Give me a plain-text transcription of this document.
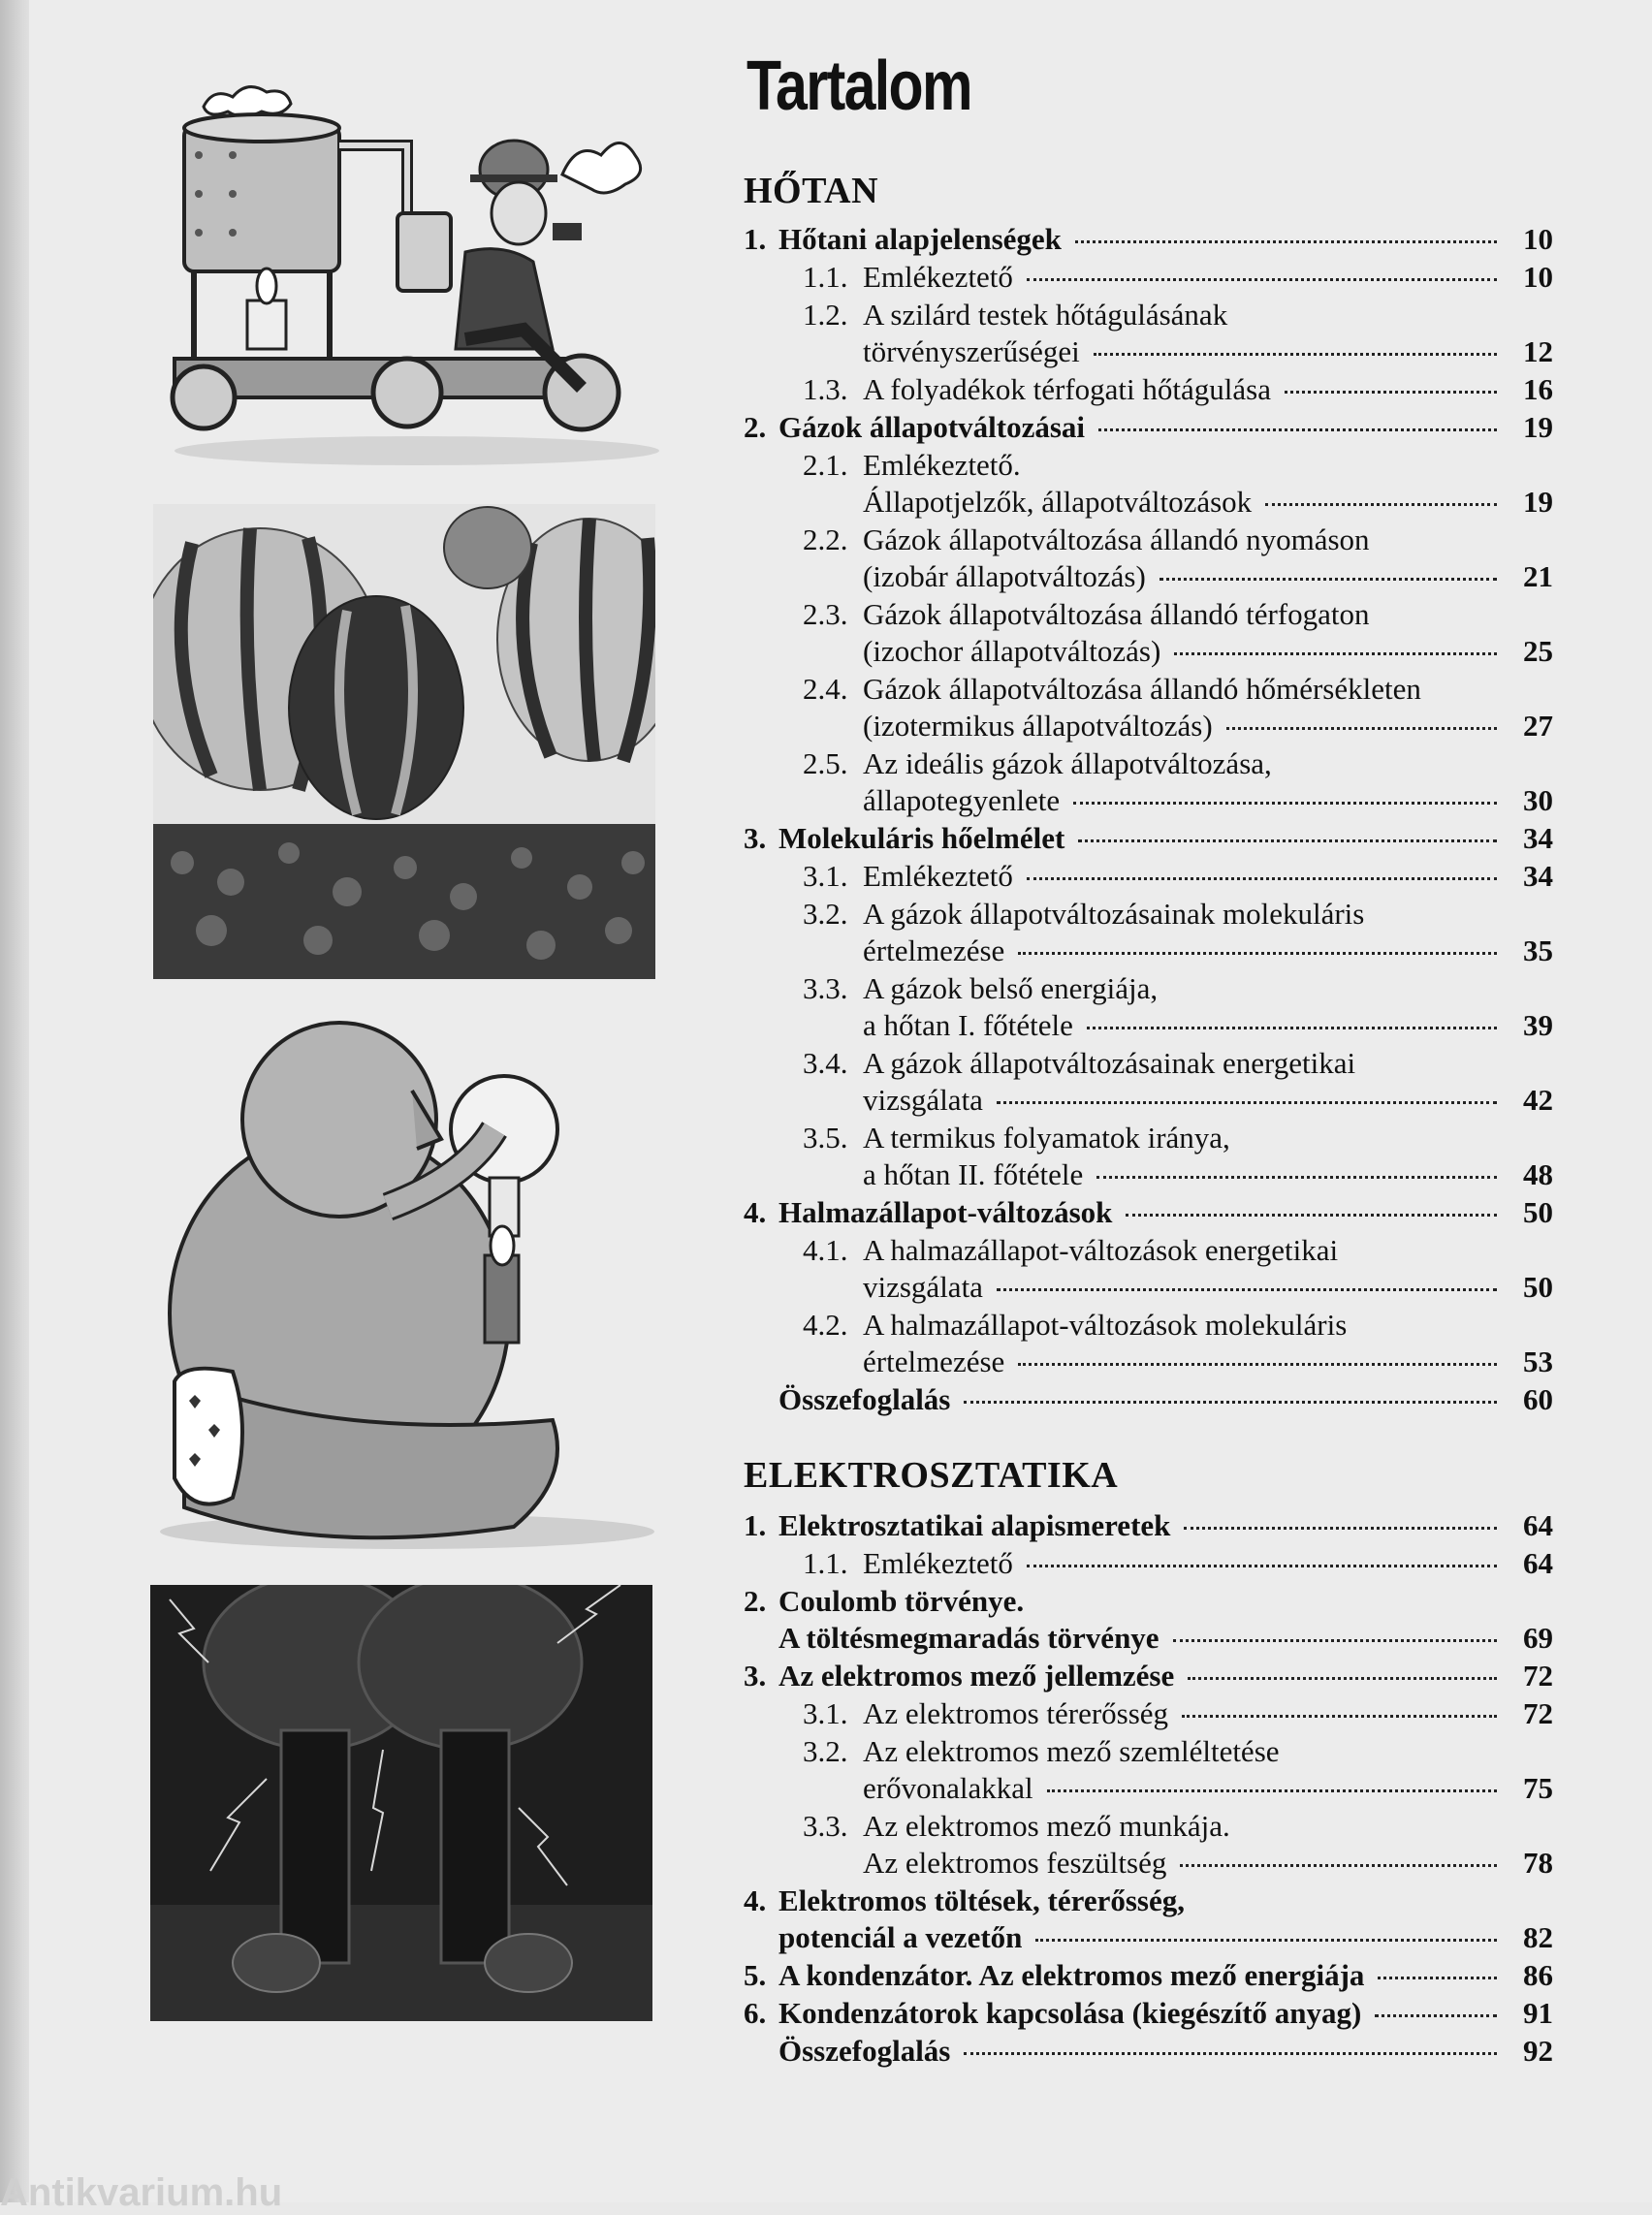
Tartalom
HŐTAN
1. Hőtani alapjelenségek	10
1.1. Emlékeztető	10
1.2. A szilárd testek hőtágulásának
törvényszerűségei	12
1.3. A folyadékok térfogati hőtágulása	16
2. Gázok állapotváltozásai	19
2.1. Emlékeztető.
Állapotjelzők, állapotváltozások	19
2.2. Gázok állapotváltozása állandó nyomáson
(izobár állapotváltozás)	21
2.3. Gázok állapotváltozása állandó térfogaton
(izochor állapotváltozás)	25
2.4. Gázok állapotváltozása állandó hőmérsékleten
(izotermikus állapotváltozás)	27
2.5. Az ideális gázok állapotváltozása,
állapotegyenlete	30
3. Molekuláris hőelmélet	34
3.1. Emlékeztető	34
3.2. A gázok állapotváltozásainak molekuláris
értelmezése	35
3.3. A gázok belső energiája,
a hőtan I. főtétele	39
3.4. A gázok állapotváltozásainak energetikai
vizsgálata	42
3.5. A termikus folyamatok iránya,
a hőtan II. főtétele	48
4. Halmazállapot-változások	50
4.1. A halmazállapot-változások energetikai
vizsgálata	50
4.2. A halmazállapot-változások molekuláris
értelmezése	53
Összefoglalás	60
ELEKTROSZTATIKA
1. Elektrosztatikai alapismeretek	64
1.1. Emlékeztető	64
2. Coulomb törvénye.
A töltésmegmaradás törvénye	69
3. Az elektromos mező jellemzése	72
3.1. Az elektromos térerősség	72
3.2. Az elektromos mező szemléltetése
erővonalakkal	75
3.3. Az elektromos mező munkája.
Az elektromos feszültség	78
4. Elektromos töltések, térerősség,
potenciál a vezetőn	82
5. A kondenzátor. Az elektromos mező energiája	86
6. Kondenzátorok kapcsolása (kiegészítő anyag)	91
Összefoglalás	92
Antikvarium.hu
